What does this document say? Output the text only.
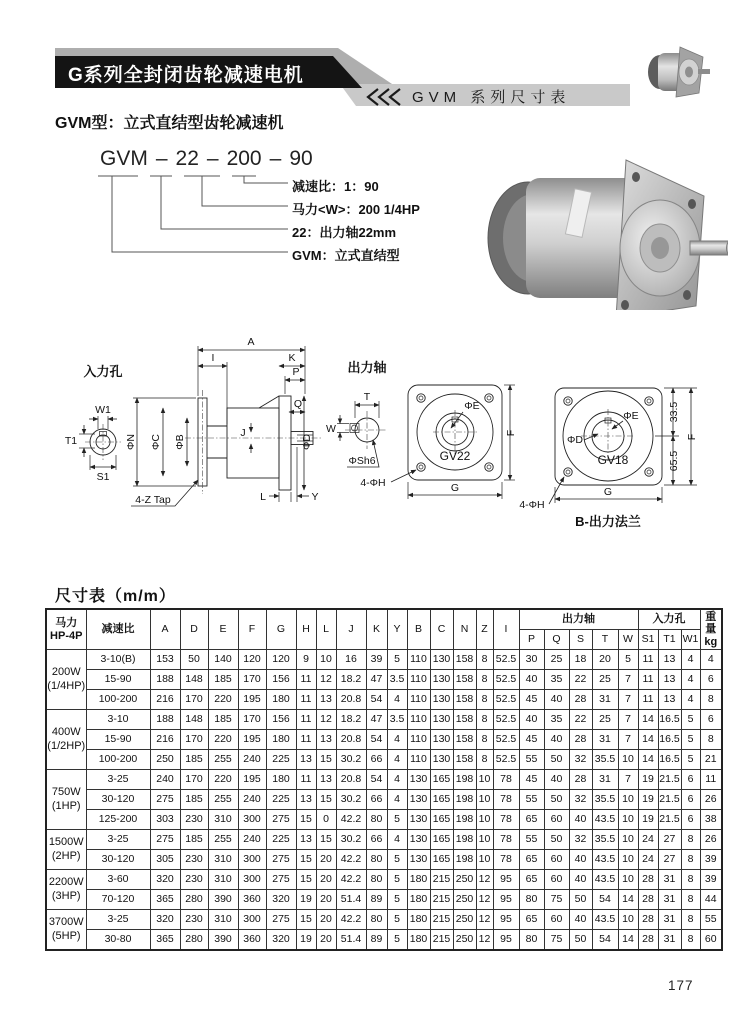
G系列全封闭齿轮减速电机
GVM 系列尺寸表
GVM型：立式直结型齿轮减速机
GVM – 22 – 200 – 90
减速比：1：90
马力<W>：200 1/4HP
22：出力轴22mm
GVM：立式直结型
入力孔
W1
T1
S1
A
I	K
P
Q
ΦN ΦC ΦB	ΦD
J
L	Y
4-Z Tap
出力轴
T
W
ΦSh6
4-ΦH
ΦE
GV22
F
G
ΦE
ΦD
GV18
33.5
65.5
F
G
4-ΦH
B-出力法兰
尺寸表（m/m）
马力
HP-4P	减速比	A	D	E	F	G	H	L	J	K	Y	B	C	N	Z	I	出力轴					入力孔			重量
kg
																	P	Q	S	T	W	S1	T1	W1	
200W
(1/4HP)	3-10(B)	153	50	140	120	120	9	10	16	39	5	110	130	158	8	52.5	30	25	18	20	5	11	13	4	4
	15-90	188	148	185	170	156	11	12	18.2	47	3.5	110	130	158	8	52.5	40	35	22	25	7	11	13	4	6
	100-200	216	170	220	195	180	11	13	20.8	54	4	110	130	158	8	52.5	45	40	28	31	7	11	13	4	8
400W
(1/2HP)	3-10	188	148	185	170	156	11	12	18.2	47	3.5	110	130	158	8	52.5	40	35	22	25	7	14	16.5	5	6
	15-90	216	170	220	195	180	11	13	20.8	54	4	110	130	158	8	52.5	45	40	28	31	7	14	16.5	5	8
	100-200	250	185	255	240	225	13	15	30.2	66	4	110	130	158	8	52.5	55	50	32	35.5	10	14	16.5	5	21
750W
(1HP)	3-25	240	170	220	195	180	11	13	20.8	54	4	130	165	198	10	78	45	40	28	31	7	19	21.5	6	11
	30-120	275	185	255	240	225	13	15	30.2	66	4	130	165	198	10	78	55	50	32	35.5	10	19	21.5	6	26
	125-200	303	230	310	300	275	15	0	42.2	80	5	130	165	198	10	78	65	60	40	43.5	10	19	21.5	6	38
1500W
(2HP)	3-25	275	185	255	240	225	13	15	30.2	66	4	130	165	198	10	78	55	50	32	35.5	10	24	27	8	26
	30-120	305	230	310	300	275	15	20	42.2	80	5	130	165	198	10	78	65	60	40	43.5	10	24	27	8	39
2200W
(3HP)	3-60	320	230	310	300	275	15	20	42.2	80	5	180	215	250	12	95	65	60	40	43.5	10	28	31	8	39
	70-120	365	280	390	360	320	19	20	51.4	89	5	180	215	250	12	95	80	75	50	54	14	28	31	8	44
3700W
(5HP)	3-25	320	230	310	300	275	15	20	42.2	80	5	180	215	250	12	95	65	60	40	43.5	10	28	31	8	55
	30-80	365	280	390	360	320	19	20	51.4	89	5	180	215	250	12	95	80	75	50	54	14	28	31	8	60
177
